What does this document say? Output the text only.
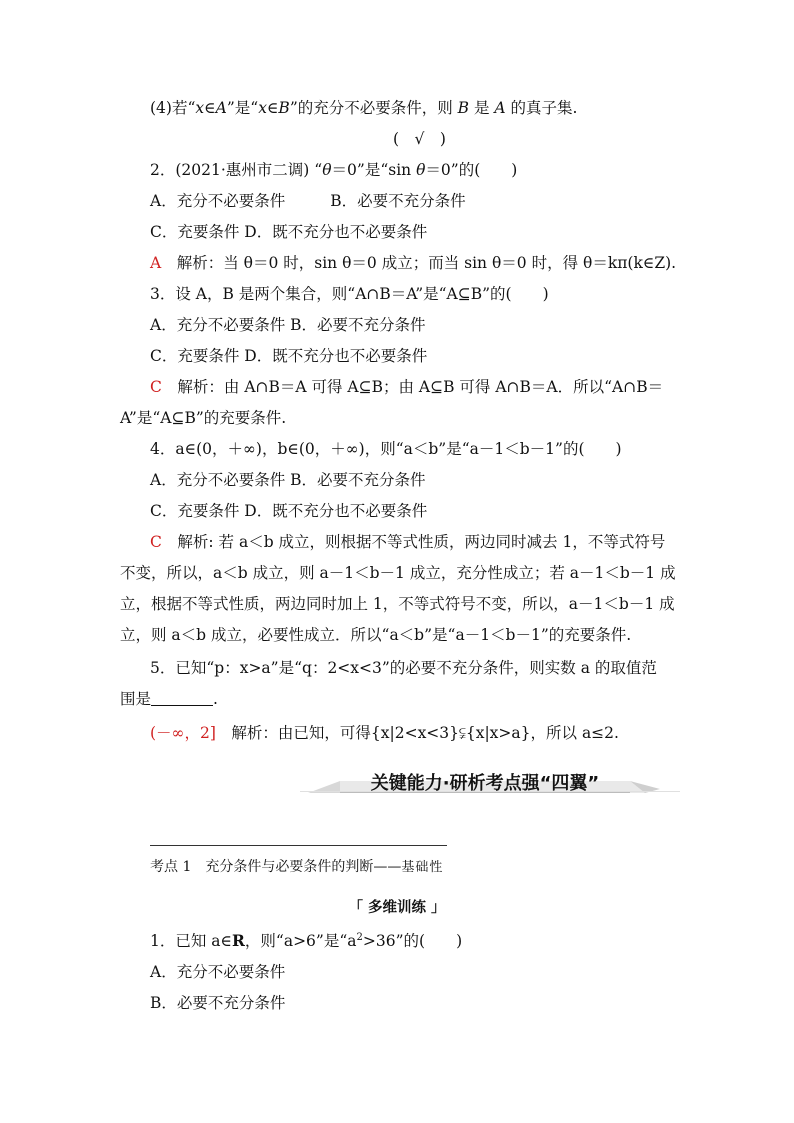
(4)若“x∈A”是“x∈B”的充分不必要条件，则 B 是 A 的真子集.
(　√　)
2．(2021·惠州市二调) “θ＝0”是“sin θ＝0”的(　　)
A．充分不必要条件	B．必要不充分条件
C．充要条件 D．既不充分也不必要条件
A　 解析：当 θ＝0 时，sin θ＝0 成立；而当 sin θ＝0 时，得 θ＝kπ(k∈Z).
3．设 A，B 是两个集合，则“A∩B＝A”是“A⊆B”的(　　)
A．充分不必要条件 B．必要不充分条件
C．充要条件 D．既不充分也不必要条件
C　 解析：由 A∩B＝A 可得 A⊆B；由 A⊆B 可得 A∩B＝A．所以“A∩B＝
A”是“A⊆B”的充要条件.
4．a∈(0，＋∞)，b∈(0，＋∞)，则“a＜b”是“a－1＜b－1”的(　　)
A．充分不必要条件 B．必要不充分条件
C．充要条件 D．既不充分也不必要条件
C　 解析: 若 a＜b 成立，则根据不等式性质，两边同时减去 1，不等式符号
不变，所以，a＜b 成立，则 a－1＜b－1 成立，充分性成立；若 a－1＜b－1 成
立，根据不等式性质，两边同时加上 1，不等式符号不变，所以，a－1＜b－1 成
立，则 a＜b 成立，必要性成立．所以“a＜b”是“a－1＜b－1”的充要条件.
5．已知“p：x>a”是“q：2<x<3”的必要不充分条件，则实数 a 的取值范
围是	.
(－∞，2]　 解析：由已知，可得{x|2<x<3}⫋{x|x>a}，所以 a≤2.
关键能力·研析考点强“四翼”
考点 1　充分条件与必要条件的判断——基础性
「 多维训练 」
1．已知 a∈R，则“a>6”是“$a^2>36$”的(　　)
A．充分不必要条件
B．必要不充分条件
